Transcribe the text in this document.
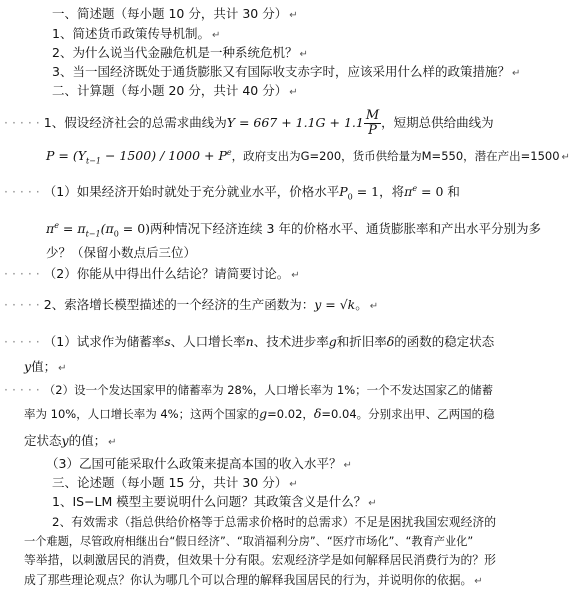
一、简述题（每小题 10 分，共计 30 分） ↵
1、简述货币政策传导机制。 ↵
2、为什么说当代金融危机是一种系统危机？ ↵
3、当一国经济既处于通货膨胀又有国际收支赤字时，应该采用什么样的政策措施？ ↵
二、计算题（每小题 20 分，共计 40 分） ↵
· · · · · 1、假设经济社会的总需求曲线为$Y = 667 + 1.1G + 1.1 \frac{M}{P}$ ，短期总供给曲线为
$P = (Y_{t-1} - 1500) / 1000 + P^e$，政府支出为G=200，货币供给量为M=550，潜在产出=1500 ↵
· · · · · （1）如果经济开始时就处于充分就业水平，价格水平$P_0 = 1$，将$\pi^e = 0$ 和
$\pi^e = \pi_{t-1}(\pi_0 = 0)$两种情况下经济连续 3 年的价格水平、通货膨胀率和产出水平分别为多
少？（保留小数点后三位）
· · · · · （2）你能从中得出什么结论？请简要讨论。 ↵
· · · · · 2、索洛增长模型描述的一个经济的生产函数为：y = √k。 ↵
· · · · · （1）试求作为储蓄率s、人口增长率n、技术进步率g和折旧率δ的函数的稳定状态
y值； ↵
· · · · · （2）设一个发达国家甲的储蓄率为 28%，人口增长率为 1%；一个不发达国家乙的储蓄
率为 10%，人口增长率为 4%；这两个国家的g=0.02，δ=0.04。分别求出甲、乙两国的稳
定状态y的值； ↵
（3）乙国可能采取什么政策来提高本国的收入水平？ ↵
三、论述题（每小题 15 分，共计 30 分） ↵
1、IS−LM 模型主要说明什么问题？其政策含义是什么？ ↵
2、有效需求（指总供给价格等于总需求价格时的总需求）不足是困扰我国宏观经济的
一个难题，尽管政府相继出台“假日经济”、“取消福利分房”、“医疗市场化”、“教育产业化”
等举措，以刺激居民的消费，但效果十分有限。宏观经济学是如何解释居民消费行为的？形
成了那些理论观点？你认为哪几个可以合理的解释我国居民的行为，并说明你的依据。 ↵
